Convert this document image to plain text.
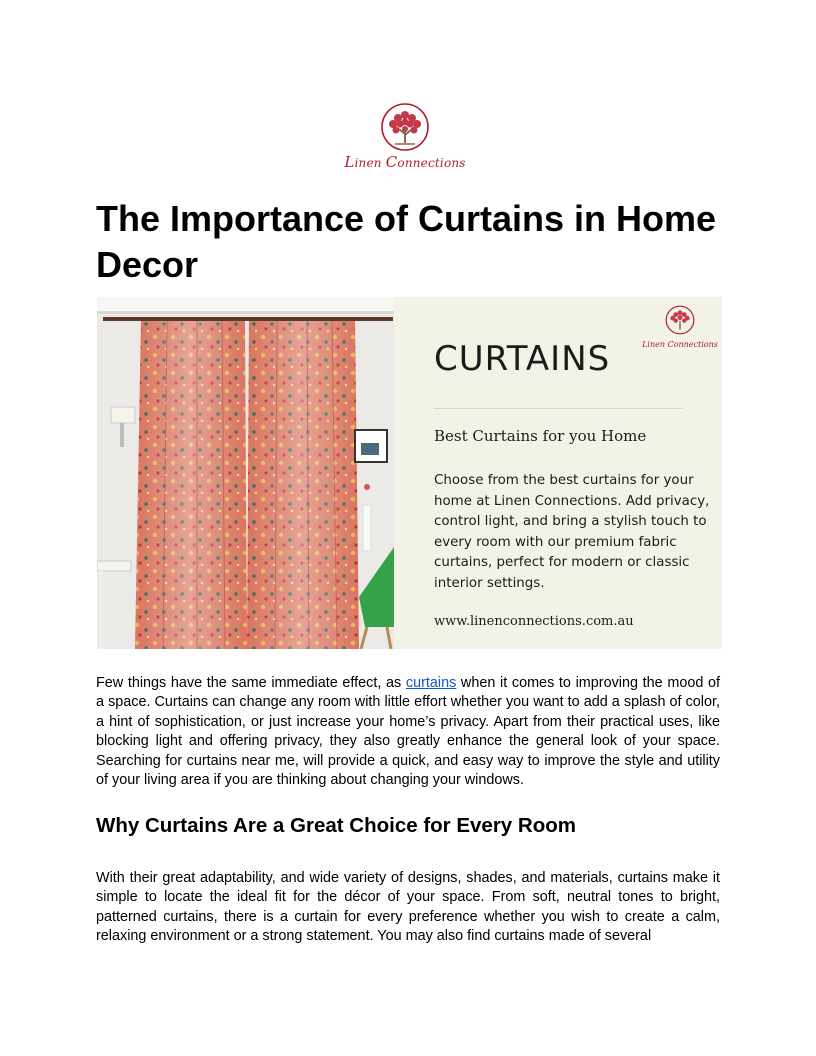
Linen Connections
The Importance of Curtains in Home Decor
Linen Connections
CURTAINS
Best Curtains for you Home
Choose from the best curtains for your home at Linen Connections. Add privacy, control light, and bring a stylish touch to every room with our premium fabric curtains, perfect for modern or classic interior settings.
www.linenconnections.com.au

Few things have the same immediate effect, as curtains when it comes to improving the mood of a space. Curtains can change any room with little effort whether you want to add a splash of color, a hint of sophistication, or just increase your home’s privacy. Apart from their practical uses, like blocking light and offering privacy, they also greatly enhance the general look of your space. Searching for curtains near me, will provide a quick, and easy way to improve the style and utility of your living area if you are thinking about changing your windows.

Why Curtains Are a Great Choice for Every Room

With their great adaptability, and wide variety of designs, shades, and materials, curtains make it simple to locate the ideal fit for the décor of your space. From soft, neutral tones to bright, patterned curtains, there is a curtain for every preference whether you wish to create a calm, relaxing environment or a strong statement. You may also find curtains made of several
